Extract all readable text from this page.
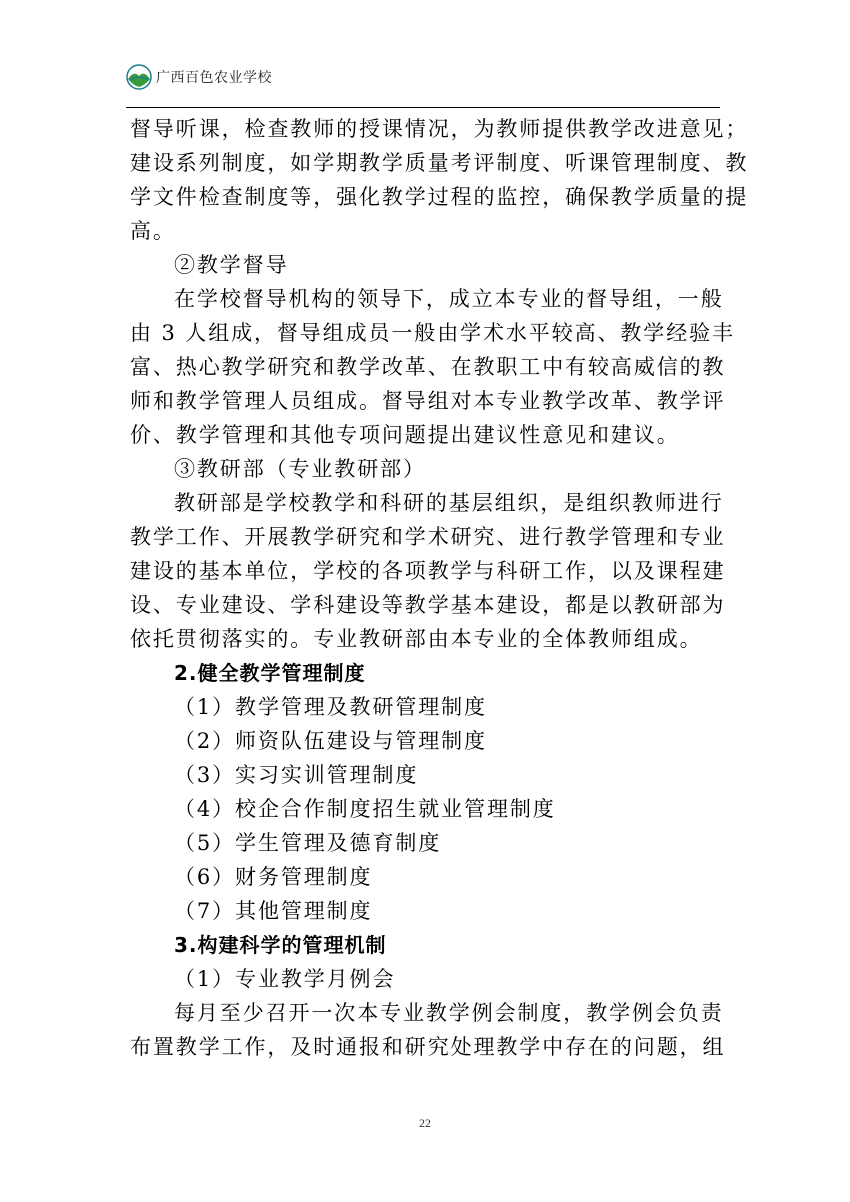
广西百色农业学校
督导听课，检查教师的授课情况，为教师提供教学改进意见；
建设系列制度，如学期教学质量考评制度、听课管理制度、教
学文件检查制度等，强化教学过程的监控，确保教学质量的提
高。
②教学督导
在学校督导机构的领导下，成立本专业的督导组，一般
由 3 人组成，督导组成员一般由学术水平较高、教学经验丰
富、热心教学研究和教学改革、在教职工中有较高威信的教
师和教学管理人员组成。督导组对本专业教学改革、教学评
价、教学管理和其他专项问题提出建议性意见和建议。
③教研部（专业教研部）
教研部是学校教学和科研的基层组织，是组织教师进行
教学工作、开展教学研究和学术研究、进行教学管理和专业
建设的基本单位，学校的各项教学与科研工作，以及课程建
设、专业建设、学科建设等教学基本建设，都是以教研部为
依托贯彻落实的。专业教研部由本专业的全体教师组成。
2.健全教学管理制度
（1）教学管理及教研管理制度
（2）师资队伍建设与管理制度
（3）实习实训管理制度
（4）校企合作制度招生就业管理制度
（5）学生管理及德育制度
（6）财务管理制度
（7）其他管理制度
3.构建科学的管理机制
（1）专业教学月例会
每月至少召开一次本专业教学例会制度，教学例会负责
布置教学工作，及时通报和研究处理教学中存在的问题，组
22
